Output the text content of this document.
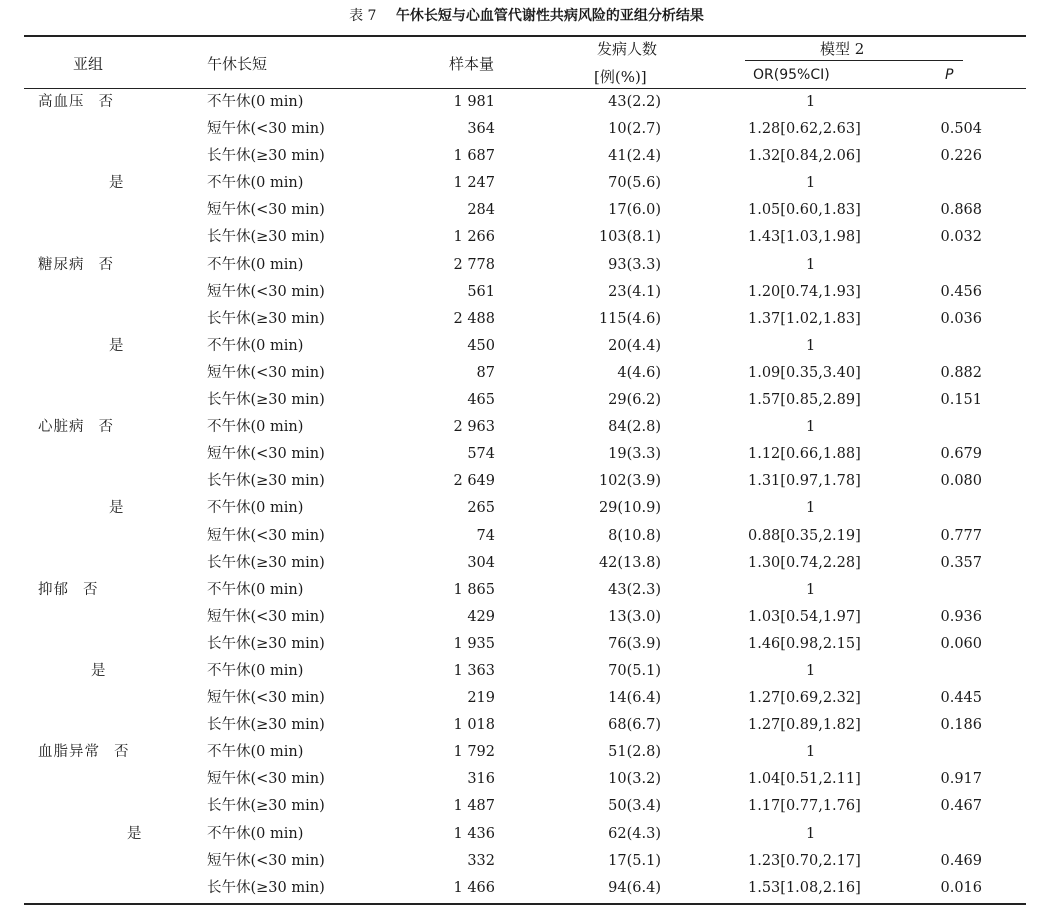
表 7 午休长短与心血管代谢性共病风险的亚组分析结果
亚组	午休长短	样本量
发病人数
[例(%)]
模型 2
OR(95%CI)	P
高血压 否	不午休(0 min)	1 981	43(2.2)	1
短午休(<30 min)	364	10(2.7)	1.28[0.62,2.63]	0.504
长午休(≥30 min)	1 687	41(2.4)	1.32[0.84,2.06]	0.226
是	不午休(0 min)	1 247	70(5.6)	1
短午休(<30 min)	284	17(6.0)	1.05[0.60,1.83]	0.868
长午休(≥30 min)	1 266	103(8.1)	1.43[1.03,1.98]	0.032
糖尿病 否	不午休(0 min)	2 778	93(3.3)	1
短午休(<30 min)	561	23(4.1)	1.20[0.74,1.93]	0.456
长午休(≥30 min)	2 488	115(4.6)	1.37[1.02,1.83]	0.036
是	不午休(0 min)	450	20(4.4)	1
短午休(<30 min)	87	4(4.6)	1.09[0.35,3.40]	0.882
长午休(≥30 min)	465	29(6.2)	1.57[0.85,2.89]	0.151
心脏病 否	不午休(0 min)	2 963	84(2.8)	1
短午休(<30 min)	574	19(3.3)	1.12[0.66,1.88]	0.679
长午休(≥30 min)	2 649	102(3.9)	1.31[0.97,1.78]	0.080
是	不午休(0 min)	265	29(10.9)	1
短午休(<30 min)	74	8(10.8)	0.88[0.35,2.19]	0.777
长午休(≥30 min)	304	42(13.8)	1.30[0.74,2.28]	0.357
抑郁 否	不午休(0 min)	1 865	43(2.3)	1
短午休(<30 min)	429	13(3.0)	1.03[0.54,1.97]	0.936
长午休(≥30 min)	1 935	76(3.9)	1.46[0.98,2.15]	0.060
是	不午休(0 min)	1 363	70(5.1)	1
短午休(<30 min)	219	14(6.4)	1.27[0.69,2.32]	0.445
长午休(≥30 min)	1 018	68(6.7)	1.27[0.89,1.82]	0.186
血脂异常 否	不午休(0 min)	1 792	51(2.8)	1
短午休(<30 min)	316	10(3.2)	1.04[0.51,2.11]	0.917
长午休(≥30 min)	1 487	50(3.4)	1.17[0.77,1.76]	0.467
是	不午休(0 min)	1 436	62(4.3)	1
短午休(<30 min)	332	17(5.1)	1.23[0.70,2.17]	0.469
长午休(≥30 min)	1 466	94(6.4)	1.53[1.08,2.16]	0.016
